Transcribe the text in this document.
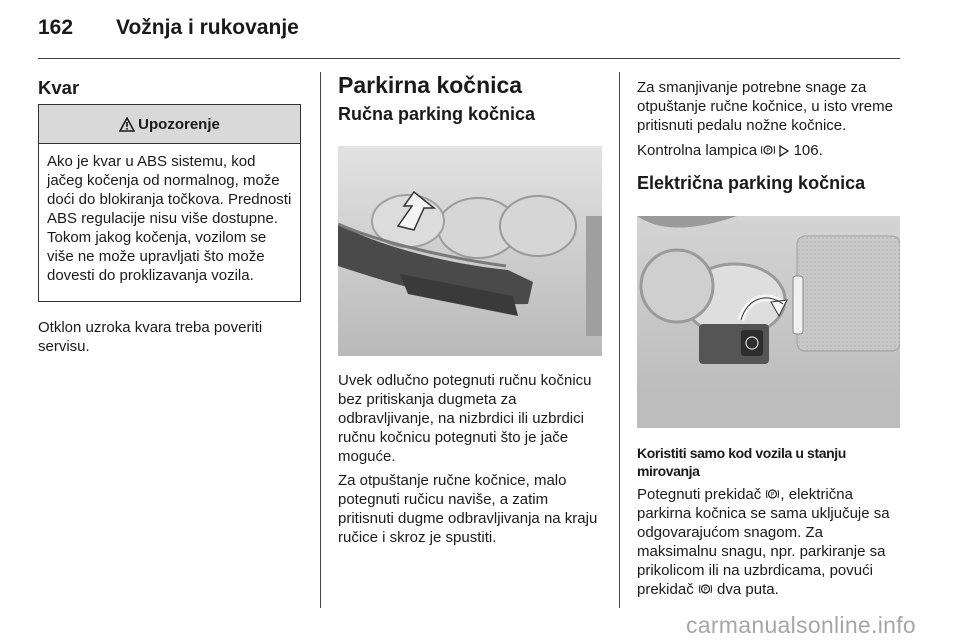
162 Vožnja i rukovanje
Kvar
Upozorenje
Ako je kvar u ABS sistemu, kod jačeg kočenja od normalnog, može doći do blokiranja točkova. Prednosti ABS regulacije nisu više dostupne. Tokom jakog kočenja, vozilom se više ne može upravljati što može dovesti do proklizavanja vozila.

Otklon uzroka kvara treba poveriti servisu.

Parkirna kočnica
Ručna parking kočnica

Uvek odlučno potegnuti ručnu kočnicu bez pritiskanja dugmeta za odbravljivanje, na nizbrdici ili uzbrdici ručnu kočnicu potegnuti što je jače moguće.

Za otpuštanje ručne kočnice, malo potegnuti ručicu naviše, a zatim pritisnuti dugme odbravljivanja na kraju ručice i skroz je spustiti.

Za smanjivanje potrebne snage za otpuštanje ručne kočnice, u isto vreme pritisnuti pedalu nožne kočnice.

Kontrolna lampica P 106.

Električna parking kočnica

Koristiti samo kod vozila u stanju mirovanja

Potegnuti prekidač P , električna parkirna kočnica se sama uključuje sa odgovarajućom snagom. Za maksimalnu snagu, npr. parkiranje sa prikolicom ili na uzbrdicama, povući prekidač P dva puta.

carmanualsonline.info
